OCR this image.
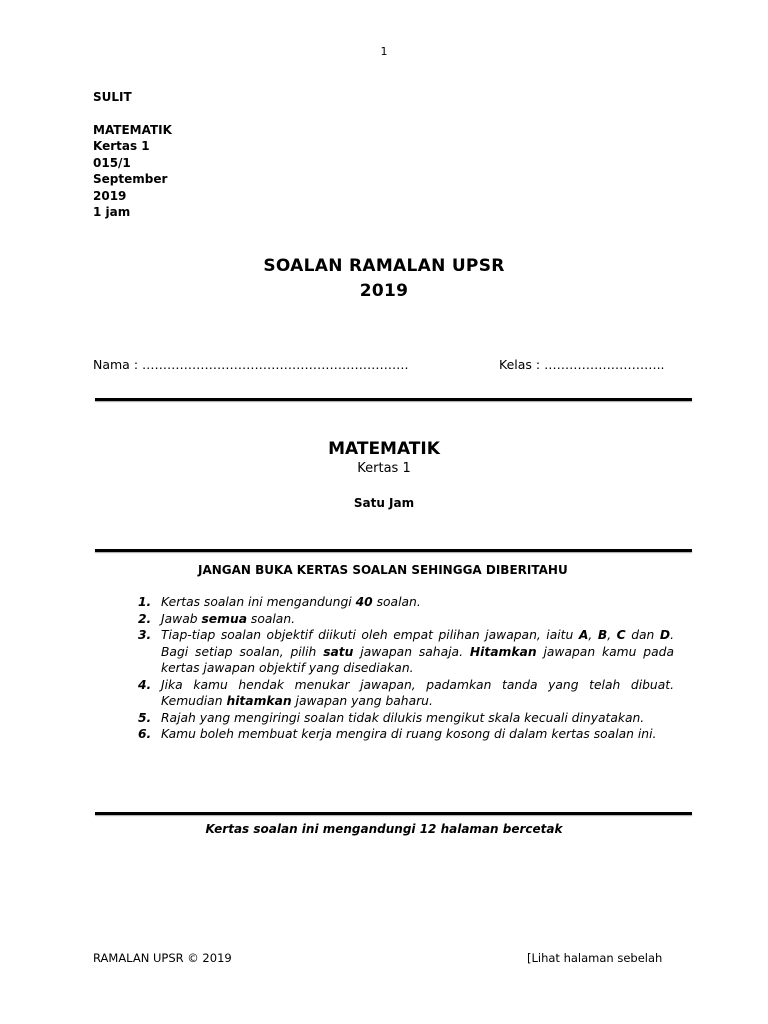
1
SULIT
MATEMATIK
Kertas 1
015/1
September
2019
1 jam
SOALAN RAMALAN UPSR
2019
Nama : ……………………………………………………….	Kelas : ………………………..
MATEMATIK
Kertas 1
Satu Jam
JANGAN BUKA KERTAS SOALAN SEHINGGA DIBERITAHU
1. Kertas soalan ini mengandungi 40 soalan.
2. Jawab semua soalan.
3. Tiap-tiap soalan objektif diikuti oleh empat pilihan jawapan, iaitu A, B, C dan D. Bagi setiap soalan, pilih satu jawapan sahaja. Hitamkan jawapan kamu pada kertas jawapan objektif yang disediakan.
4. Jika kamu hendak menukar jawapan, padamkan tanda yang telah dibuat. Kemudian hitamkan jawapan yang baharu.
5. Rajah yang mengiringi soalan tidak dilukis mengikut skala kecuali dinyatakan.
6. Kamu boleh membuat kerja mengira di ruang kosong di dalam kertas soalan ini.
Kertas soalan ini mengandungi 12 halaman bercetak
RAMALAN UPSR © 2019	[Lihat halaman sebelah
